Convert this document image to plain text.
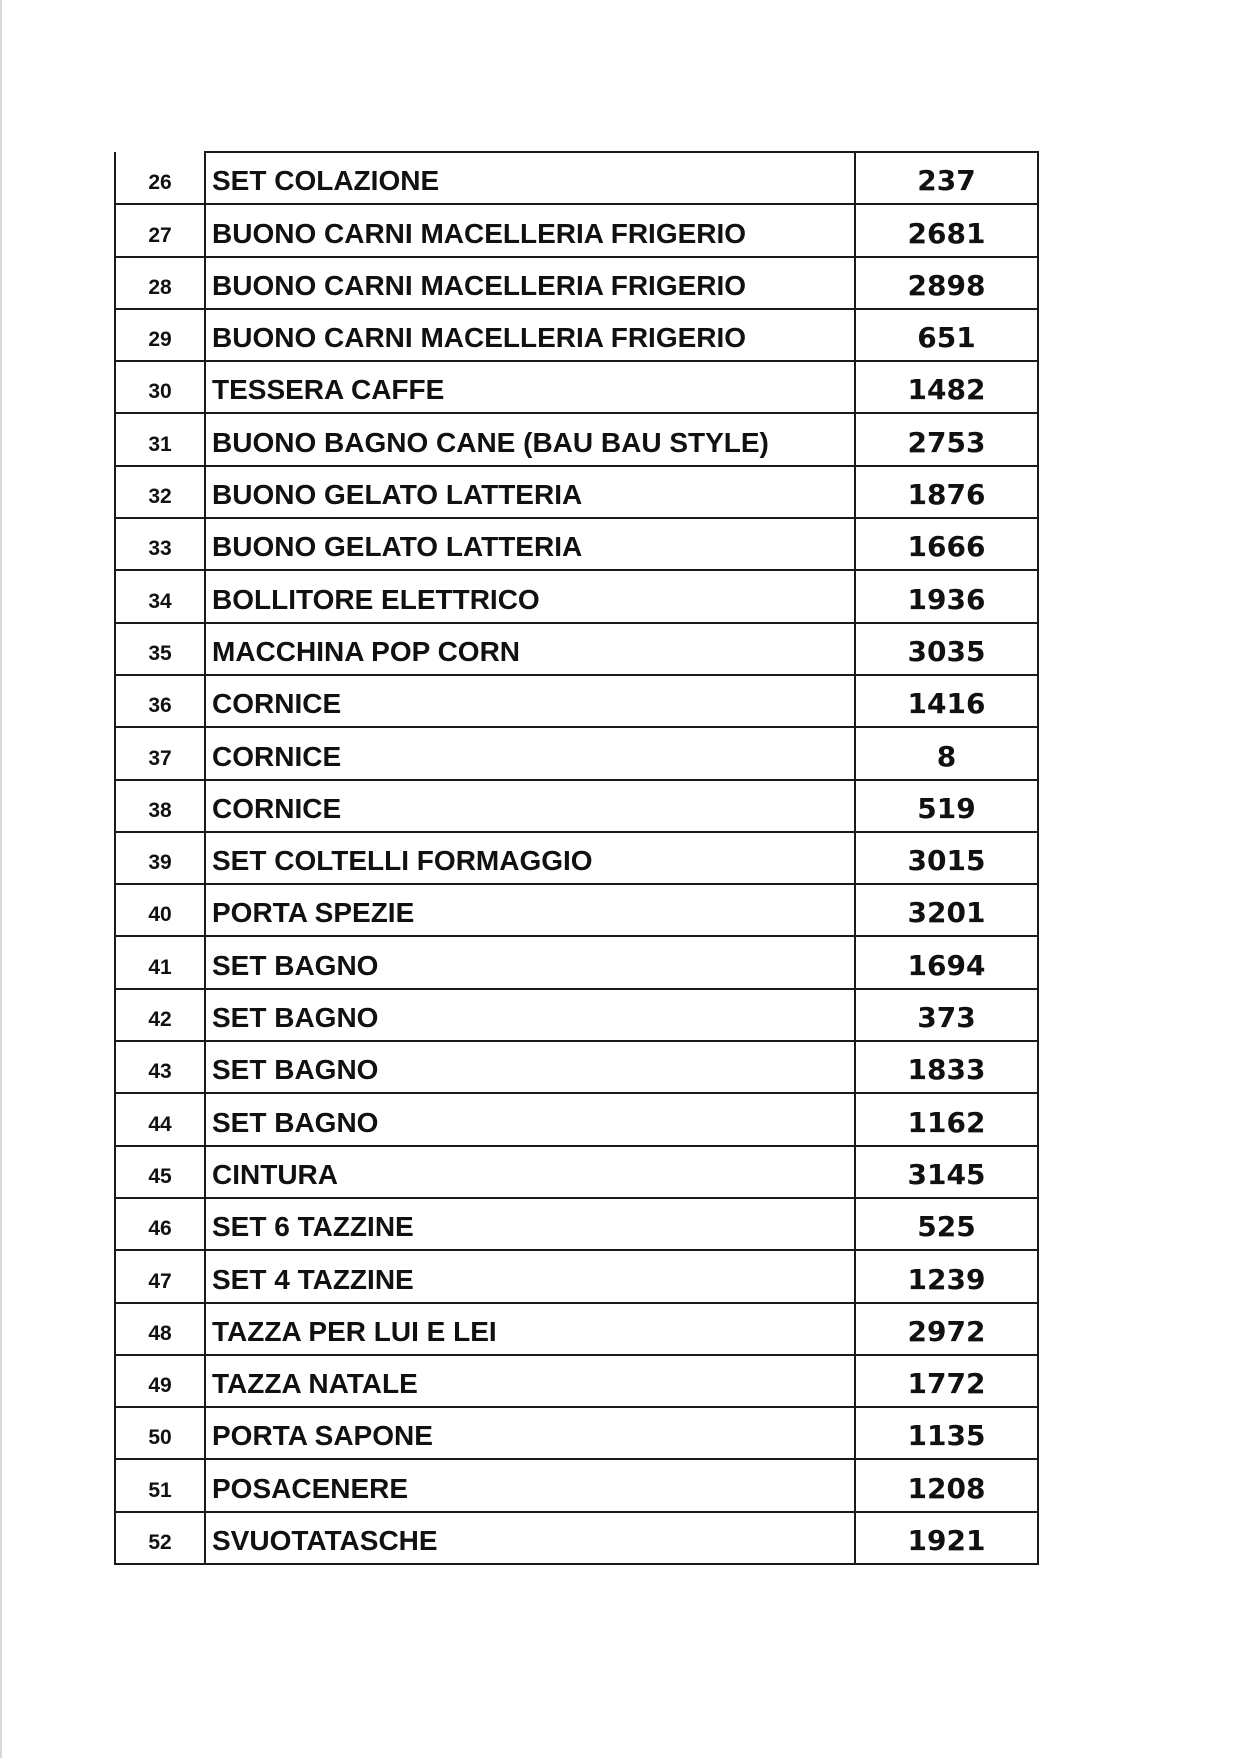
26	SET COLAZIONE	237
27	BUONO CARNI MACELLERIA FRIGERIO	2681
28	BUONO CARNI MACELLERIA FRIGERIO	2898
29	BUONO CARNI MACELLERIA FRIGERIO	651
30	TESSERA CAFFE	1482
31	BUONO BAGNO CANE (BAU BAU STYLE)	2753
32	BUONO GELATO LATTERIA	1876
33	BUONO GELATO LATTERIA	1666
34	BOLLITORE ELETTRICO	1936
35	MACCHINA POP CORN	3035
36	CORNICE	1416
37	CORNICE	8
38	CORNICE	519
39	SET COLTELLI FORMAGGIO	3015
40	PORTA SPEZIE	3201
41	SET BAGNO	1694
42	SET BAGNO	373
43	SET BAGNO	1833
44	SET BAGNO	1162
45	CINTURA	3145
46	SET 6 TAZZINE	525
47	SET 4 TAZZINE	1239
48	TAZZA PER LUI E LEI	2972
49	TAZZA NATALE	1772
50	PORTA SAPONE	1135
51	POSACENERE	1208
52	SVUOTATASCHE	1921
